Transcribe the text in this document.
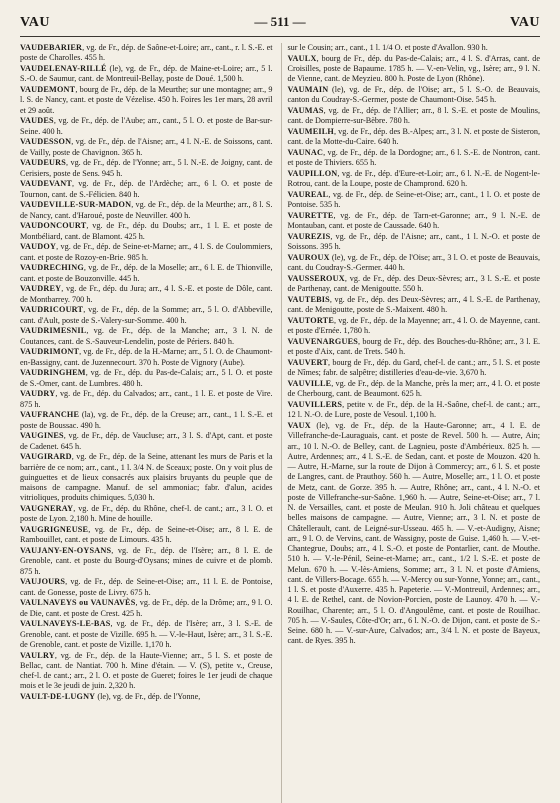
VAU	— 511 —	VAU

VAUDEBARIER, vg. de Fr., dép. de Saône-et-Loire; arr., cant., r. l. S.-E. et poste de Charolles. 455 h.

VAUDELENAY-RILLÉ (le), vg. de Fr., dép. de Maine-et-Loire; arr., 5 l. S.-O. de Saumur, cant. de Montreuil-Bellay, poste de Doué. 1,500 h.

VAUDEMONT, bourg de Fr., dép. de la Meurthe; sur une montagne; arr., 9 l. S. de Nancy, cant. et poste de Vézelise. 450 h. Foires les 1er mars, 28 avril et 29 août.

VAUDES, vg. de Fr., dép. de l'Aube; arr., cant., 5 l. O. et poste de Bar-sur-Seine. 400 h.

VAUDESSON, vg. de Fr., dép. de l'Aisne; arr., 4 l. N.-E. de Soissons, cant. de Vailly, poste de Chavignon. 365 h.

VAUDEURS, vg. de Fr., dép. de l'Yonne; arr., 5 l. N.-E. de Joigny, cant. de Cerisiers, poste de Sens. 945 h.

VAUDEVANT, vg. de Fr., dép. de l'Ardèche; arr., 6 l. O. et poste de Tournon, cant. de S.-Félicien. 840 h.

VAUDEVILLE-SUR-MADON, vg. de Fr., dép. de la Meurthe; arr., 8 l. S. de Nancy, cant. d'Haroué, poste de Neuviller. 400 h.

VAUDONCOURT, vg. de Fr., dép. du Doubs; arr., 1 l. E. et poste de Montbéliard, cant. de Blamont. 425 h.

VAUDOY, vg. de Fr., dép. de Seine-et-Marne; arr., 4 l. S. de Coulommiers, cant. et poste de Rozoy-en-Brie. 985 h.

VAUDRECHING, vg. de Fr., dép. de la Moselle; arr., 6 l. E. de Thionville, cant. et poste de Bouzonville. 445 h.

VAUDREY, vg. de Fr., dép. du Jura; arr., 4 l. S.-E. et poste de Dôle, cant. de Montbarrey. 700 h.

VAUDRICOURT, vg. de Fr., dép. de la Somme; arr., 5 l. O. d'Abbeville, cant. d'Ault, poste de S.-Valery-sur-Somme. 400 h.

VAUDRIMESNIL, vg. de Fr., dép. de la Manche; arr., 3 l. N. de Coutances, cant. de S.-Sauveur-Lendelin, poste de Périers. 840 h.

VAUDRIMONT, vg. de Fr., dép. de la H.-Marne; arr., 5 l. O. de Chaumont-en-Bassigny, cant. de Juzennecourt. 370 h. Poste de Vignory (Aube).

VAUDRINGHEM, vg. de Fr., dép. du Pas-de-Calais; arr., 5 l. O. et poste de S.-Omer, cant. de Lumbres. 480 h.

VAUDRY, vg. de Fr., dép. du Calvados; arr., cant., 1 l. E. et poste de Vire. 875 h.

VAUFRANCHE (la), vg. de Fr., dép. de la Creuse; arr., cant., 1 l. S.-E. et poste de Boussac. 490 h.

VAUGINES, vg. de Fr., dép. de Vaucluse; arr., 3 l. S. d'Apt, cant. et poste de Cadenet. 645 h.

VAUGIRARD, vg. de Fr., dép. de la Seine, attenant les murs de Paris et la barrière de ce nom; arr., cant., 1 l. 3/4 N. de Sceaux; poste. On y voit plus de guinguettes et de lieux consacrés aux plaisirs bruyants du peuple que de maisons de campagne. Manuf. de sel ammoniac; fabr. d'alun, acides vitrioliques, produits chimiques. 5,030 h.

VAUGNERAY, vg. de Fr., dép. du Rhône, chef-l. de cant.; arr., 3 l. O. et poste de Lyon. 2,180 h. Mine de houille.

VAUGRIGNEUSE, vg. de Fr., dép. de Seine-et-Oise; arr., 8 l. E. de Rambouillet, cant. et poste de Limours. 435 h.

VAUJANY-EN-OYSANS, vg. de Fr., dép. de l'Isère; arr., 8 l. E. de Grenoble, cant. et poste du Bourg-d'Oysans; mines de cuivre et de plomb. 875 h.

VAUJOURS, vg. de Fr., dép. de Seine-et-Oise; arr., 11 l. E. de Pontoise, cant. de Gonesse, poste de Livry. 675 h.

VAULNAVEYS ou VAUNAVÈS, vg. de Fr., dép. de la Drôme; arr., 9 l. O. de Die, cant. et poste de Crest. 425 h.

VAULNAVEYS-LE-BAS, vg. de Fr., dép. de l'Isère; arr., 3 l. S.-E. de Grenoble, cant. et poste de Vizille. 695 h. — V.-le-Haut, Isère; arr., 3 l. S.-E. de Grenoble, cant. et poste de Vizille. 1,170 h.

VAULRY, vg. de Fr., dép. de la Haute-Vienne; arr., 5 l. S. et poste de Bellac, cant. de Nantiat. 700 h. Mine d'étain. — V. (S), petite v., Creuse, chef-l. de cant.; arr., 2 l. O. et poste de Gueret; foires le 1er jeudi de chaque mois et le 3e jeudi de juin. 2,320 h.

VAULT-DE-LUGNY (le), vg. de Fr., dép. de l'Yonne,

sur le Cousin; arr., cant., 1 l. 1/4 O. et poste d'Avallon. 930 h.

VAULX, bourg de Fr., dép. du Pas-de-Calais; arr., 4 l. S. d'Arras, cant. de Croisilles, poste de Bapaume. 1785 h. — V.-en-Velin, vg., Isère; arr., 9 l. N. de Vienne, cant. de Meyzieu. 800 h. Poste de Lyon (Rhône).

VAUMAIN (le), vg. de Fr., dép. de l'Oise; arr., 5 l. S.-O. de Beauvais, canton du Coudray-S.-Germer, poste de Chaumont-Oise. 545 h.

VAUMAS, vg. de Fr., dép. de l'Allier; arr., 8 l. S.-E. et poste de Moulins, cant. de Dompierre-sur-Bèbre. 780 h.

VAUMEILH, vg. de Fr., dép. des B.-Alpes; arr., 3 l. N. et poste de Sisteron, cant. de la Motte-du-Caire. 640 h.

VAUNAC, vg. de Fr., dép. de la Dordogne; arr., 6 l. S.-E. de Nontron, cant. et poste de Thiviers. 655 h.

VAUPILLON, vg. de Fr., dép. d'Eure-et-Loir; arr., 6 l. N.-E. de Nogent-le-Rotrou, cant. de la Loupe, poste de Champrond. 620 h.

VAUREAL, vg. de Fr., dép. de Seine-et-Oise; arr., cant., 1 l. O. et poste de Pontoise. 535 h.

VAURETTE, vg. de Fr., dép. de Tarn-et-Garonne; arr., 9 l. N.-E. de Montauban, cant. et poste de Caussade. 640 h.

VAUREZIS, vg. de Fr., dép. de l'Aisne; arr., cant., 1 l. N.-O. et poste de Soissons. 395 h.

VAUROUX (le), vg. de Fr., dép. de l'Oise; arr., 3 l. O. et poste de Beauvais, cant. du Coudray-S.-Germer. 440 h.

VAUSSEROUX, vg. de Fr., dép. des Deux-Sèvres; arr., 3 l. S.-E. et poste de Parthenay, cant. de Menigoutte. 550 h.

VAUTEBIS, vg. de Fr., dép. des Deux-Sèvres; arr., 4 l. S.-E. de Parthenay, cant. de Menigoutte, poste de S.-Maixent. 480 h.

VAUTORTE, vg. de Fr., dép. de la Mayenne; arr., 4 l. O. de Mayenne, cant. et poste d'Ernée. 1,780 h.

VAUVENARGUES, bourg de Fr., dép. des Bouches-du-Rhône; arr., 3 l. E. et poste d'Aix, cant. de Trets. 540 h.

VAUVERT, bourg de Fr., dép. du Gard, chef-l. de cant.; arr., 5 l. S. et poste de Nîmes; fabr. de salpêtre; distilleries d'eau-de-vie. 3,670 h.

VAUVILLE, vg. de Fr., dép. de la Manche, près la mer; arr., 4 l. O. et poste de Cherbourg, cant. de Beaumont. 625 h.

VAUVILLERS, petite v. de Fr., dép. de la H.-Saône, chef-l. de cant.; arr., 12 l. N.-O. de Lure, poste de Vesoul. 1,100 h.

VAUX (le), vg. de Fr., dép. de la Haute-Garonne; arr., 4 l. E. de Villefranche-de-Lauraguais, cant. et poste de Revel. 500 h. — Autre, Ain; arr., 10 l. N.-O. de Belley, cant. de Lagnieu, poste d'Ambérieux. 825 h. — Autre, Ardennes; arr., 4 l. S.-E. de Sedan, cant. et poste de Mouzon. 420 h. — Autre, H.-Marne, sur la route de Dijon à Commercy; arr., 6 l. S. et poste de Langres, cant. de Prauthoy. 560 h. — Autre, Moselle; arr., 1 l. O. et poste de Metz, cant. de Gorze. 395 h. — Autre, Rhône; arr., cant., 4 l. N.-O. et poste de Villefranche-sur-Saône. 1,960 h. — Autre, Seine-et-Oise; arr., 7 l. N. de Versailles, cant. et poste de Meulan. 910 h. Joli château et quelques belles maisons de campagne. — Autre, Vienne; arr., 3 l. N. et poste de Châtellerault, cant. de Leigné-sur-Usseau. 465 h. — V.-et-Audigny, Aisne; arr., 9 l. O. de Vervins, cant. de Wassigny, poste de Guise. 1,460 h. — V.-et-Chantegrue, Doubs; arr., 4 l. S.-O. et poste de Pontarlier, cant. de Mouthe. 510 h. — V.-le-Pénil, Seine-et-Marne; arr., cant., 1/2 l. S.-E. et poste de Melun. 670 h. — V.-lès-Amiens, Somme; arr., 3 l. N. et poste d'Amiens, cant. de Villers-Bocage. 655 h. — V.-Mercy ou sur-Yonne, Yonne; arr., cant., 1 l. S. et poste d'Auxerre. 435 h. Papeterie. — V.-Montreuil, Ardennes; arr., 4 l. E. de Rethel, cant. de Novion-Porcien, poste de Launoy. 470 h. — V.-Rouilhac, Charente; arr., 5 l. O. d'Angoulême, cant. et poste de Rouilhac. 705 h. — V.-Saules, Côte-d'Or; arr., 6 l. N.-O. de Dijon, cant. et poste de S.-Seine. 680 h. — V.-sur-Aure, Calvados; arr., 3/4 l. N. et poste de Bayeux, cant. de Ryes. 395 h.
